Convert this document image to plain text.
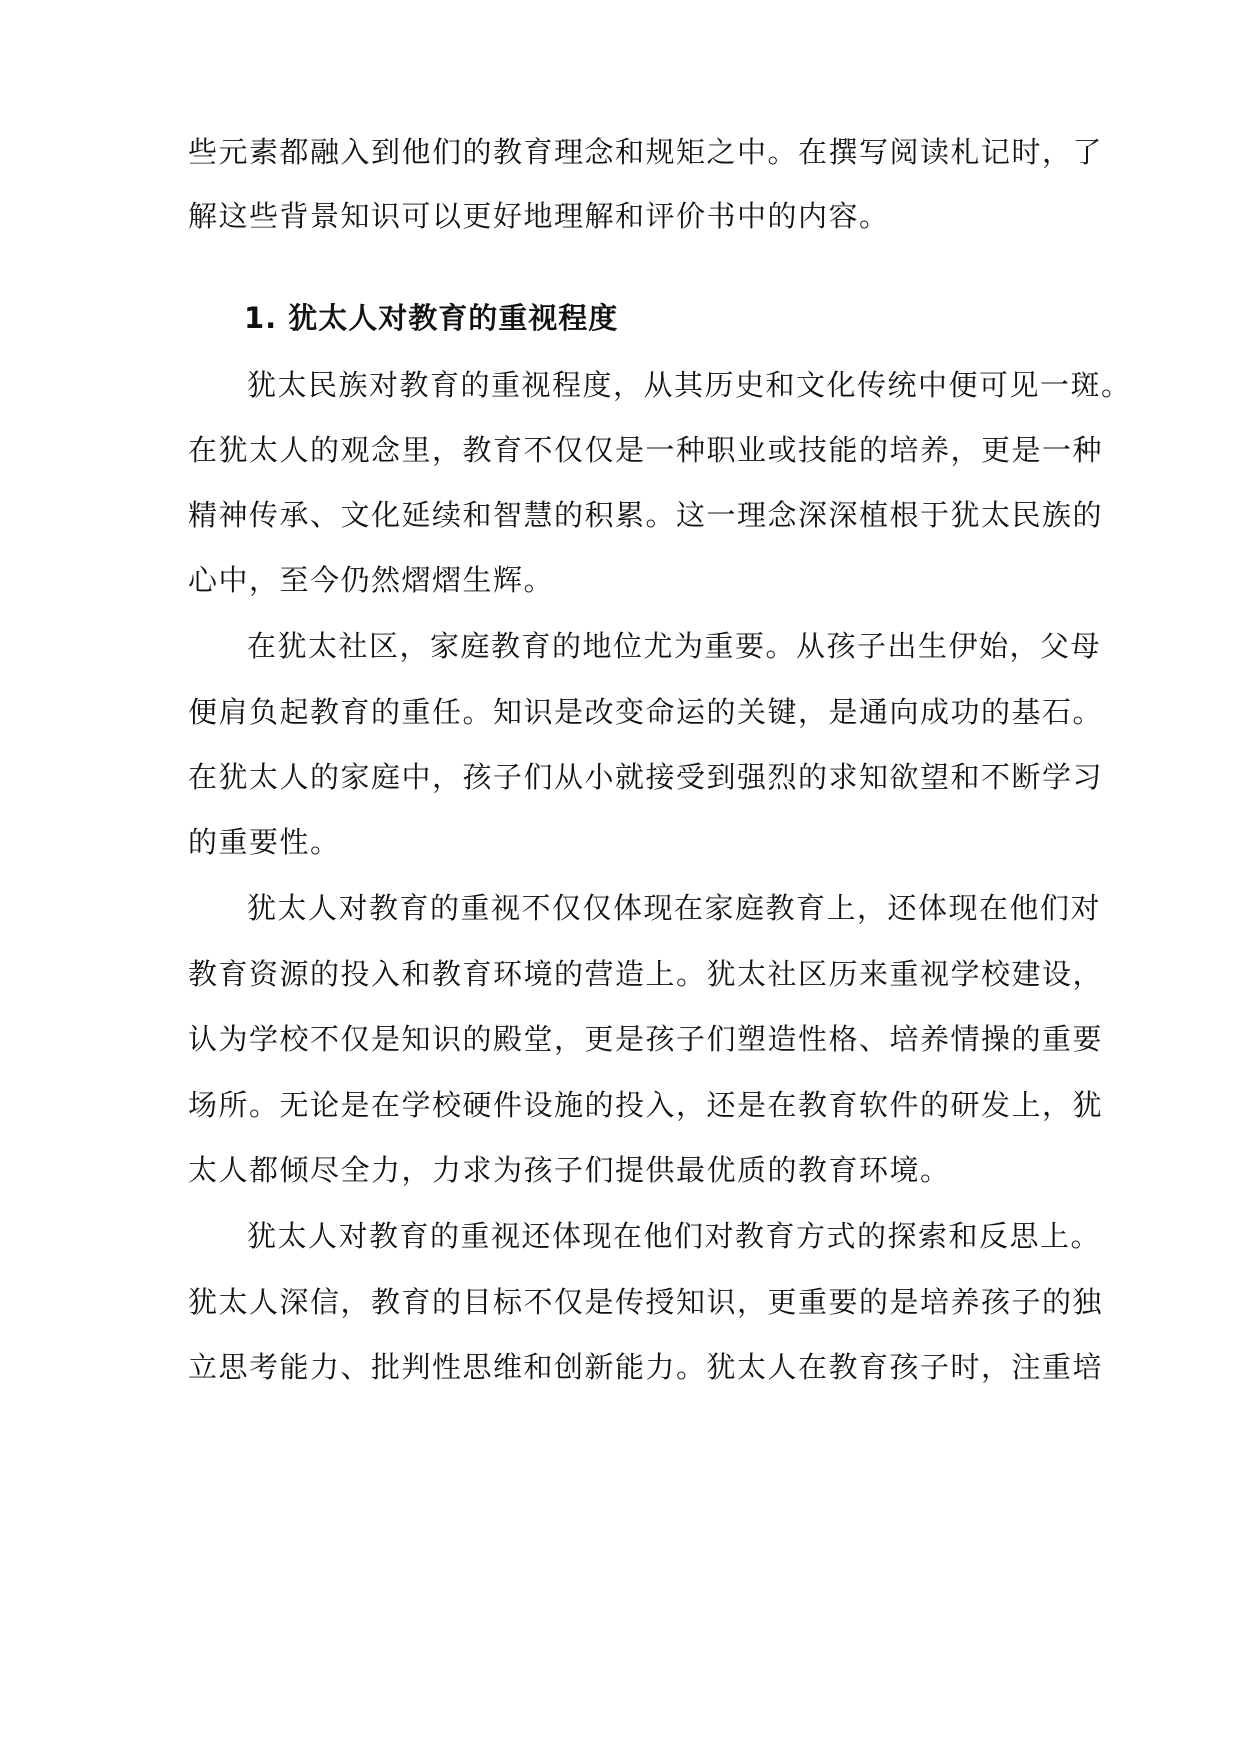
些元素都融入到他们的教育理念和规矩之中。在撰写阅读札记时，了
解这些背景知识可以更好地理解和评价书中的内容。
1. 犹太人对教育的重视程度
犹太民族对教育的重视程度，从其历史和文化传统中便可见一斑。
在犹太人的观念里，教育不仅仅是一种职业或技能的培养，更是一种
精神传承、文化延续和智慧的积累。这一理念深深植根于犹太民族的
心中，至今仍然熠熠生辉。
在犹太社区，家庭教育的地位尤为重要。从孩子出生伊始，父母
便肩负起教育的重任。知识是改变命运的关键，是通向成功的基石。
在犹太人的家庭中，孩子们从小就接受到强烈的求知欲望和不断学习
的重要性。
犹太人对教育的重视不仅仅体现在家庭教育上，还体现在他们对
教育资源的投入和教育环境的营造上。犹太社区历来重视学校建设，
认为学校不仅是知识的殿堂，更是孩子们塑造性格、培养情操的重要
场所。无论是在学校硬件设施的投入，还是在教育软件的研发上，犹
太人都倾尽全力，力求为孩子们提供最优质的教育环境。
犹太人对教育的重视还体现在他们对教育方式的探索和反思上。
犹太人深信，教育的目标不仅是传授知识，更重要的是培养孩子的独
立思考能力、批判性思维和创新能力。犹太人在教育孩子时，注重培
